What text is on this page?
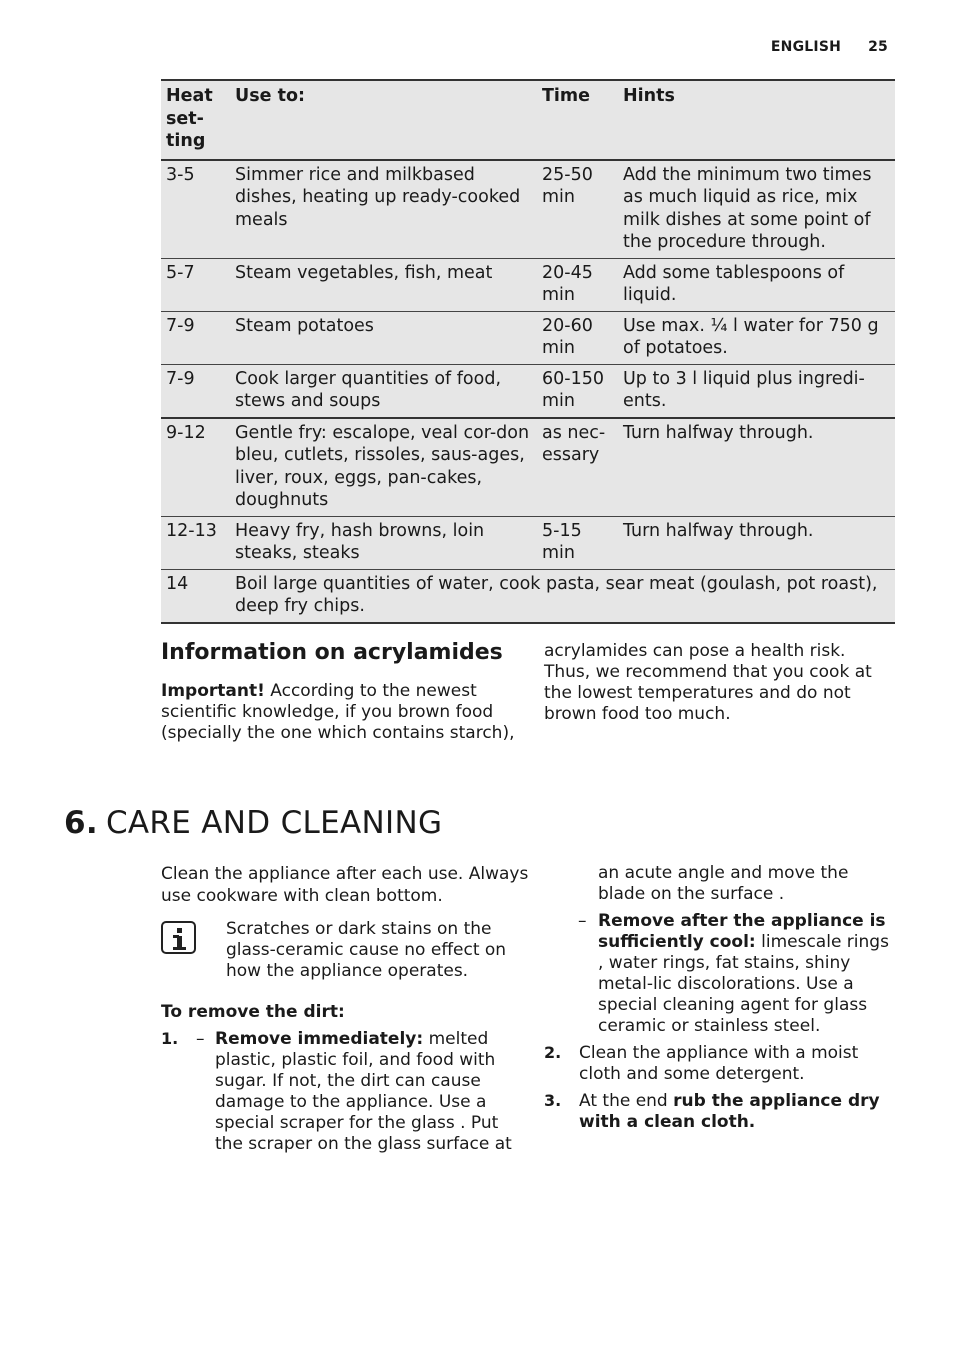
ENGLISH 25
Heat set-ting	Use to:	Time	Hints
3-5	Simmer rice and milkbased dishes, heating up ready-cooked meals	25-50 min	Add the minimum two times as much liquid as rice, mix milk dishes at some point of the procedure through.
5-7	Steam vegetables, fish, meat	20-45 min	Add some tablespoons of liquid.
7-9	Steam potatoes	20-60 min	Use max. ¼ l water for 750 g of potatoes.
7-9	Cook larger quantities of food, stews and soups	60-150 min	Up to 3 l liquid plus ingredi-ents.
9-12	Gentle fry: escalope, veal cor-don bleu, cutlets, rissoles, saus-ages, liver, roux, eggs, pan-cakes, doughnuts	as nec-essary	Turn halfway through.
12-13	Heavy fry, hash browns, loin steaks, steaks	5-15 min	Turn halfway through.
14	Boil large quantities of water, cook pasta, sear meat (goulash, pot roast), deep fry chips.		
Information on acrylamides
Important! According to the newest scientific knowledge, if you brown food (specially the one which contains starch),
acrylamides can pose a health risk. Thus, we recommend that you cook at the lowest temperatures and do not brown food too much.
6. CARE AND CLEANING
Clean the appliance after each use. Always use cookware with clean bottom.
Scratches or dark stains on the glass-ceramic cause no effect on how the appliance operates.
To remove the dirt:
1. – Remove immediately: melted plastic, plastic foil, and food with sugar. If not, the dirt can cause damage to the appliance. Use a special scraper for the glass . Put the scraper on the glass surface at
an acute angle and move the blade on the surface .
– Remove after the appliance is sufficiently cool: limescale rings , water rings, fat stains, shiny metal-lic discolorations. Use a special cleaning agent for glass ceramic or stainless steel.
2. Clean the appliance with a moist cloth and some detergent.
3. At the end rub the appliance dry with a clean cloth.
